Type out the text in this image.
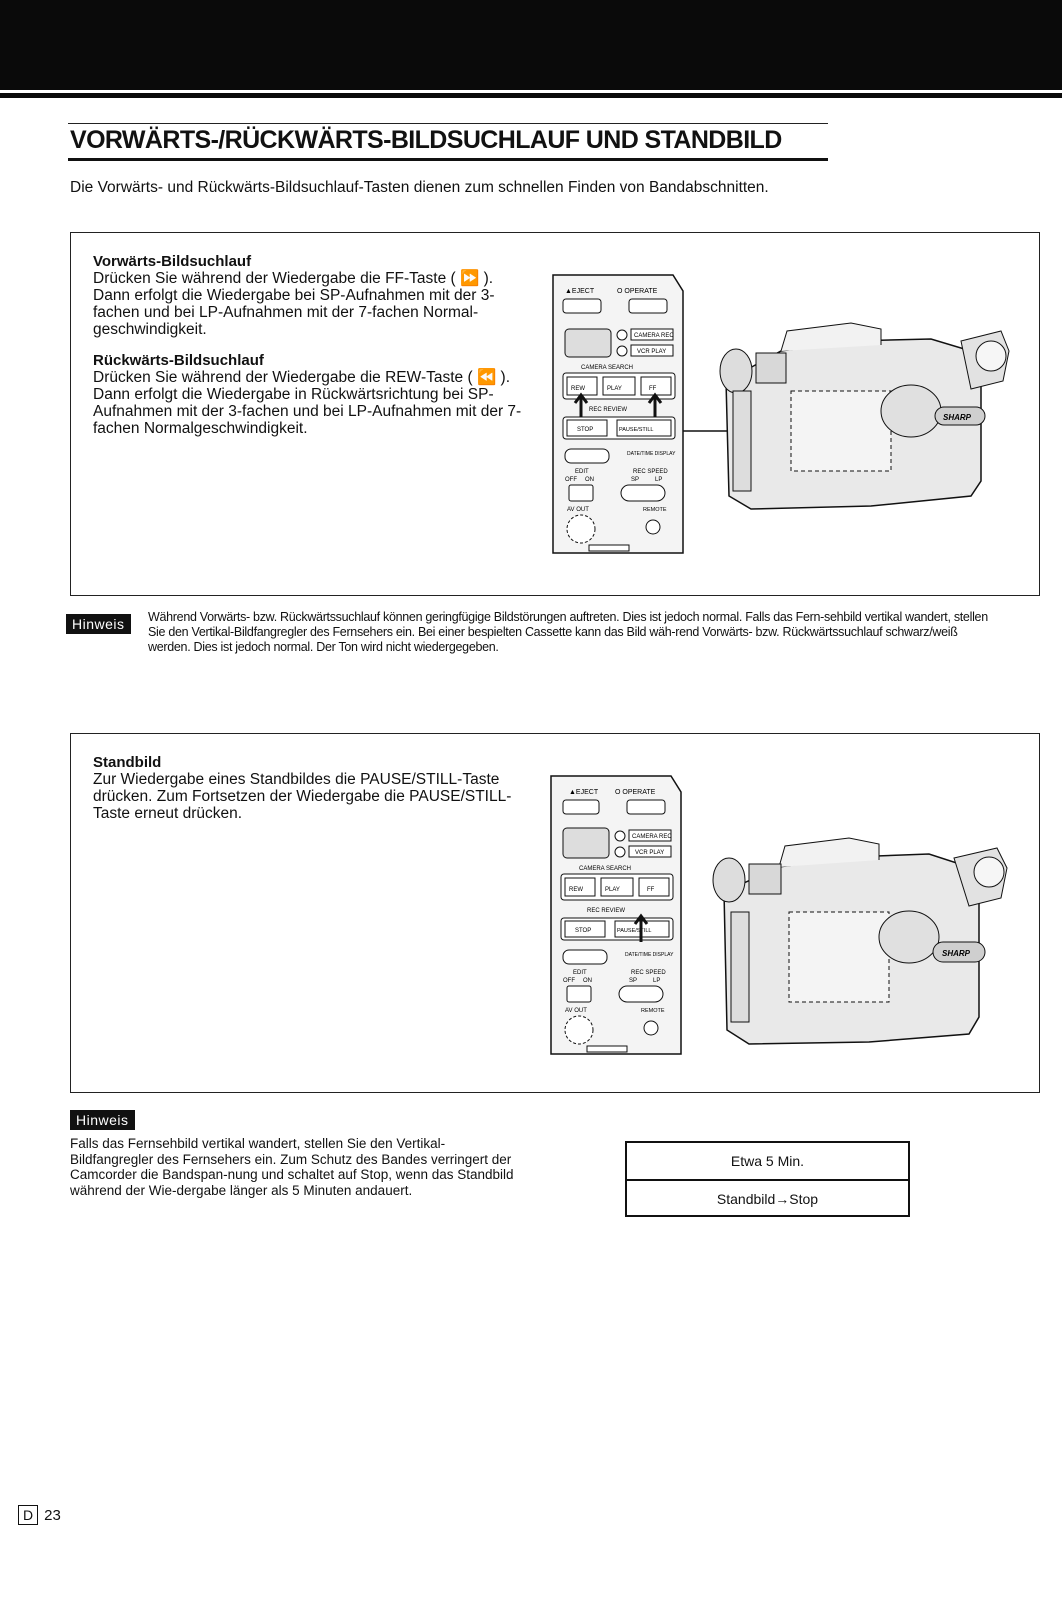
VORWÄRTS-/RÜCKWÄRTS-BILDSUCHLAUF UND STANDBILD

Die Vorwärts- und Rückwärts-Bildsuchlauf-Tasten dienen zum schnellen Finden von Bandabschnitten.

Vorwärts-Bildsuchlauf

Drücken Sie während der Wiedergabe die FF-Taste ( ⏩ ). Dann erfolgt die Wiedergabe bei SP-Aufnahmen mit der 3-fachen und bei LP-Aufnahmen mit der 7-fachen Normal-geschwindigkeit.

Rückwärts-Bildsuchlauf

Drücken Sie während der Wiedergabe die REW-Taste ( ⏪ ). Dann erfolgt die Wiedergabe in Rückwärtsrichtung bei SP-Aufnahmen mit der 3-fachen und bei LP-Aufnahmen mit der 7-fachen Normalgeschwindigkeit.

▲EJECT	O OPERATE
CAMERA REC
VCR PLAY
CAMERA SEARCH
REW	PLAY	FF
REC REVIEW
STOP	PAUSE/STILL
DATE/TIME DISPLAY
EDIT	REC SPEED
OFF ON	SP	LP
AV OUT	REMOTE
SHARP
Hinweis	Während Vorwärts- bzw. Rückwärtssuchlauf können geringfügige Bildstörungen auftreten. Dies ist jedoch normal. Falls das Fern-sehbild vertikal wandert, stellen Sie den Vertikal-Bildfangregler des Fernsehers ein. Bei einer bespielten Cassette kann das Bild wäh-rend Vorwärts- bzw. Rückwärtssuchlauf schwarz/weiß werden. Dies ist jedoch normal. Der Ton wird nicht wiedergegeben.

Standbild

Zur Wiedergabe eines Standbildes die PAUSE/STILL-Taste drücken. Zum Fortsetzen der Wiedergabe die PAUSE/STILL-Taste erneut drücken.

▲EJECT O OPERATE
CAMERA REC
VCR PLAY
CAMERA SEARCH
REW	PLAY	FF
REC REVIEW
STOP	PAUSE/STILL
DATE/TIME DISPLAY
EDIT	REC SPEED
OFF ON	SP	LP
AV OUT	REMOTE
SHARP
Hinweis

Falls das Fernsehbild vertikal wandert, stellen Sie den Vertikal-Bildfangregler des Fernsehers ein. Zum Schutz des Bandes verringert der Camcorder die Bandspan-nung und schaltet auf Stop, wenn das Standbild während der Wie-dergabe länger als 5 Minuten andauert.

Etwa 5 Min.
Standbild→Stop
D 23
